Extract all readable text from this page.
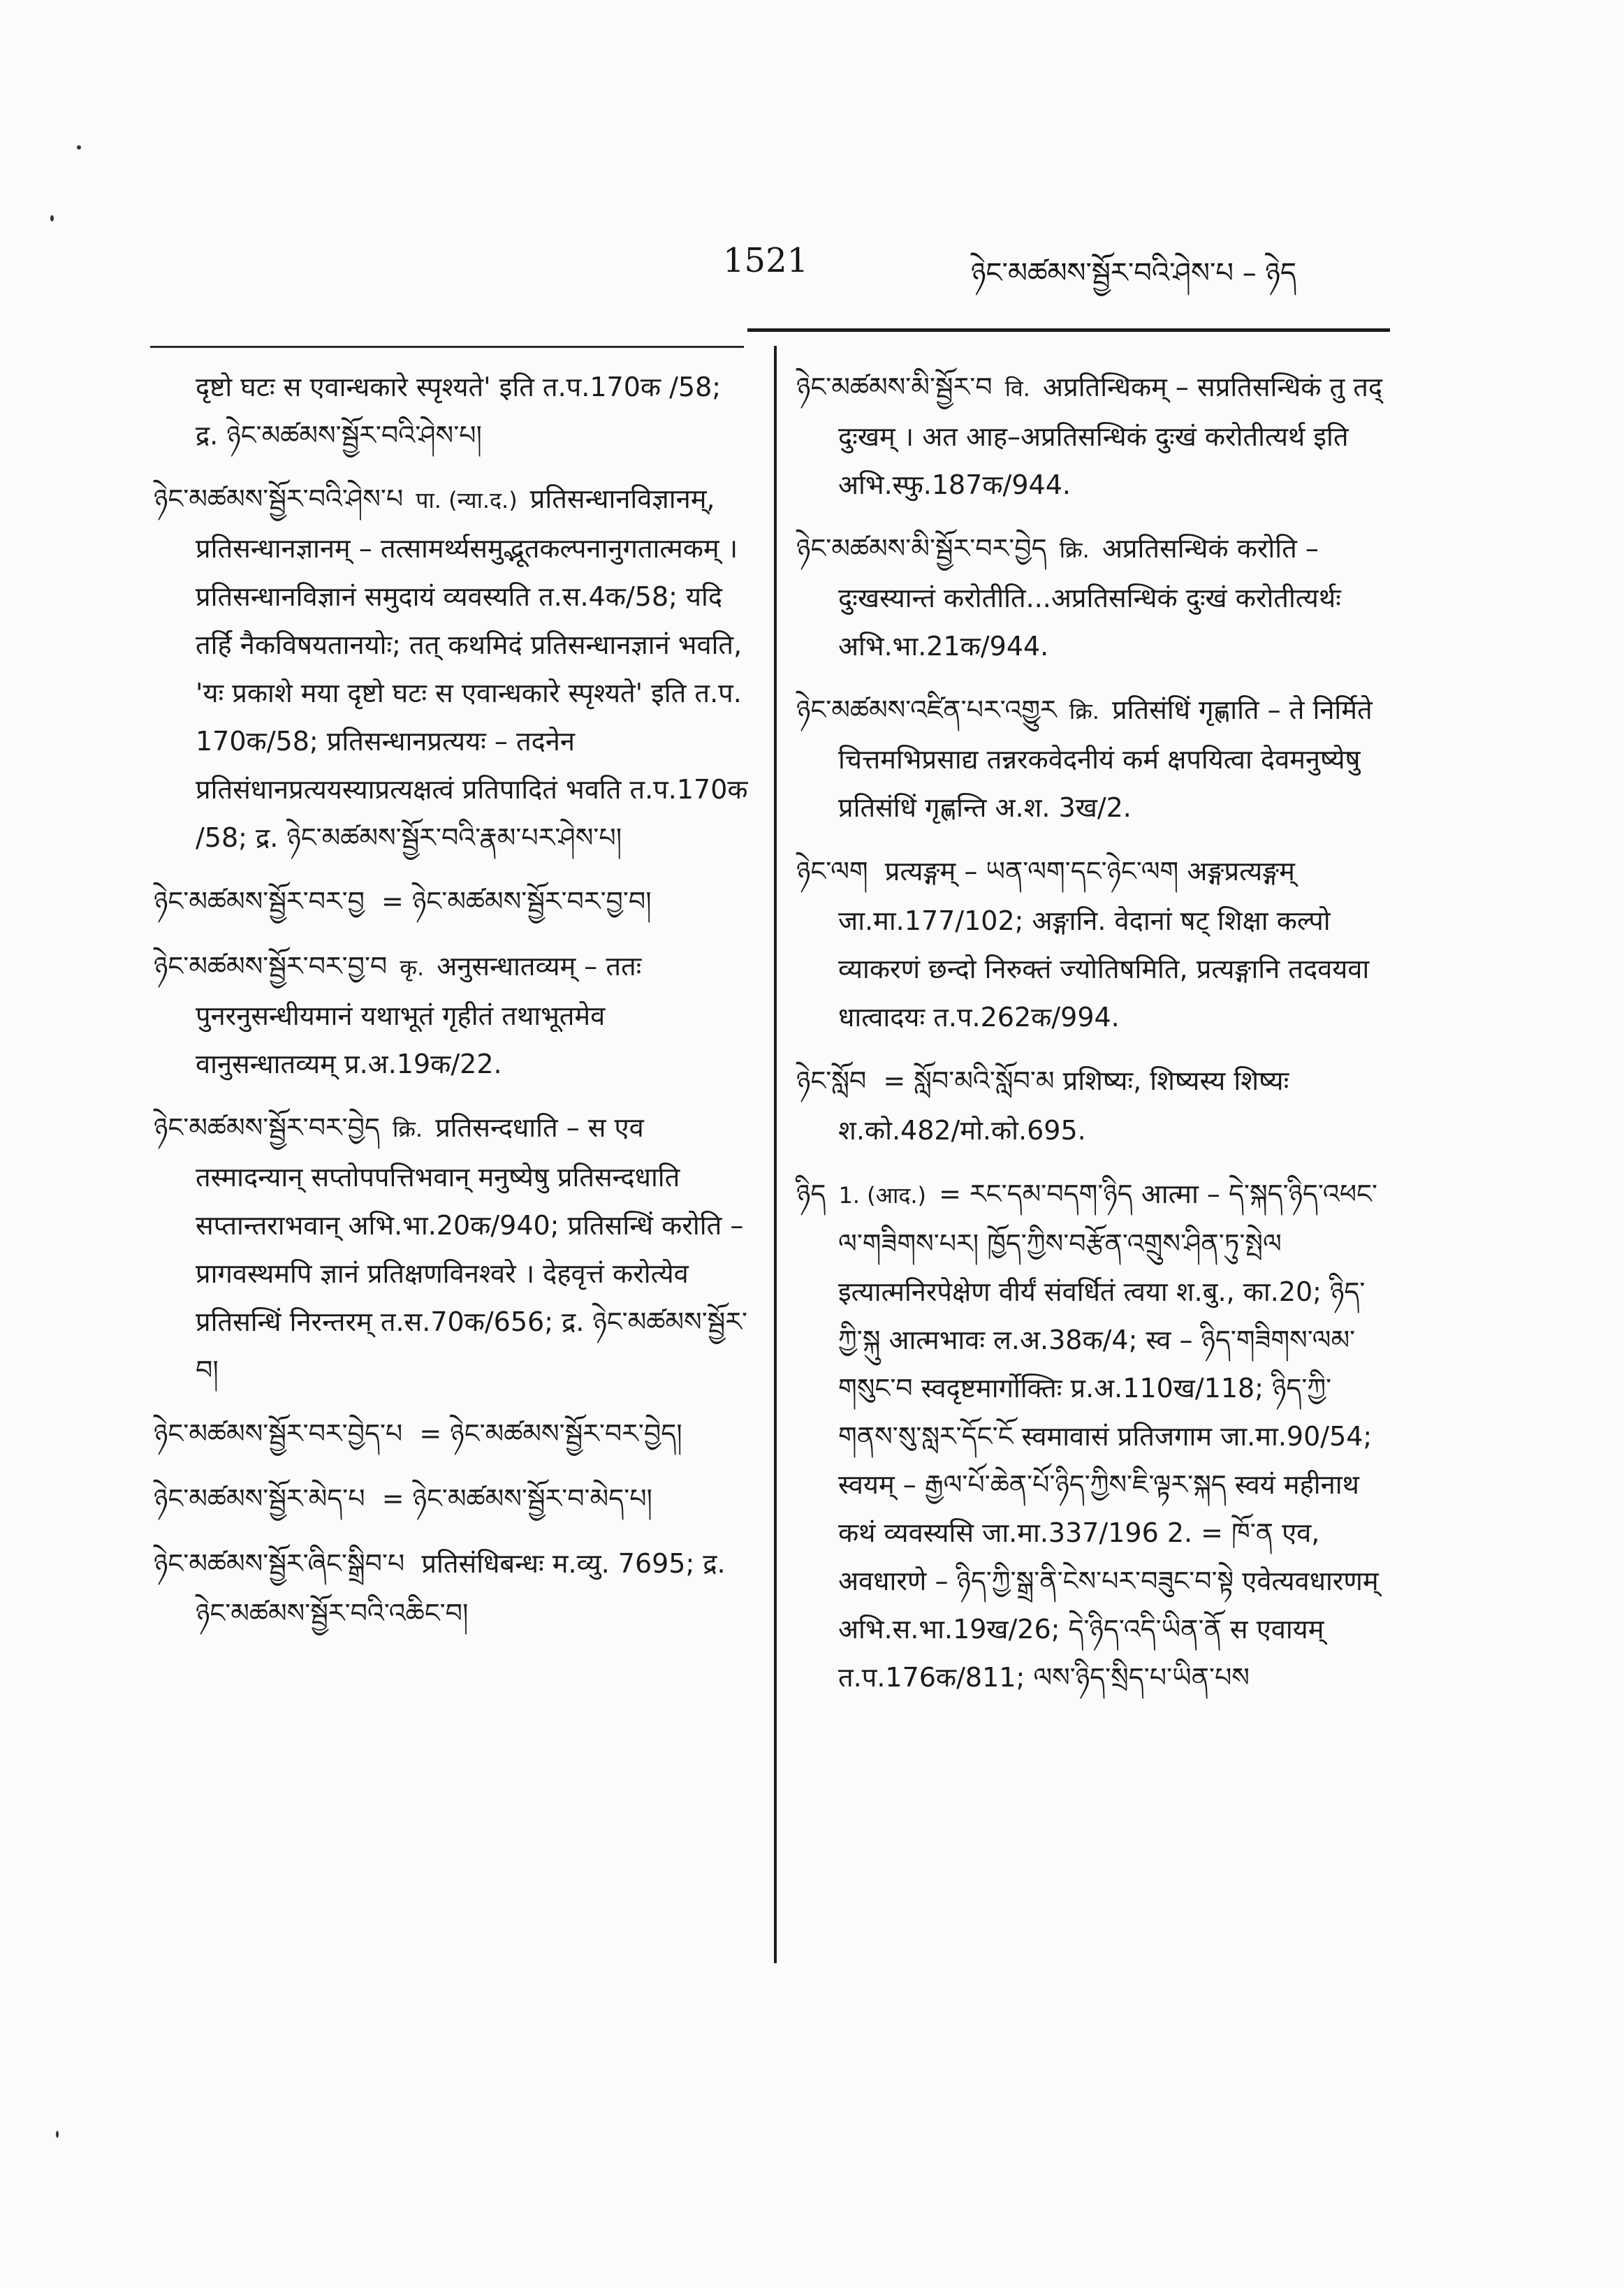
1521	ཉེང་མཚམས་སྦྱོར་བའི་ཤེས་པ – ཉེད

दृष्टो घटः स एवान्धकारे स्पृश्यते' इति त.प.170क /58; द्र. ཉེང་མཚམས་སྦྱོར་བའི་ཤེས་པ།

ཉེང་མཚམས་སྦྱོར་བའི་ཤེས་པ पा. (न्या.द.) प्रतिसन्धानविज्ञानम्, प्रतिसन्धानज्ञानम् – तत्सामर्थ्यसमुद्भूतकल्पनानुगतात्मकम् । प्रतिसन्धानविज्ञानं समुदायं व्यवस्यति त.स.4क/58; यदि तर्हि नैकविषयतानयोः; तत् कथमिदं प्रतिसन्धानज्ञानं भवति, 'यः प्रकाशे मया दृष्टो घटः स एवान्धकारे स्पृश्यते' इति त.प. 170क/58; प्रतिसन्धानप्रत्ययः – तदनेन प्रतिसंधानप्रत्ययस्याप्रत्यक्षत्वं प्रतिपादितं भवति त.प.170क /58; द्र. ཉེང་མཚམས་སྦྱོར་བའི་རྣམ་པར་ཤེས་པ།

ཉེང་མཚམས་སྦྱོར་བར་བྱ = ཉེང་མཚམས་སྦྱོར་བར་བྱ་བ།

ཉེང་མཚམས་སྦྱོར་བར་བྱ་བ कृ. अनुसन्धातव्यम् – ततः पुनरनुसन्धीयमानं यथाभूतं गृहीतं तथाभूतमेव वानुसन्धातव्यम् प्र.अ.19क/22.

ཉེང་མཚམས་སྦྱོར་བར་བྱེད क्रि. प्रतिसन्दधाति – स एव तस्मादन्यान् सप्तोपपत्तिभवान् मनुष्येषु प्रतिसन्दधाति सप्तान्तराभवान् अभि.भा.20क/940; प्रतिसन्धिं करोति – प्रागवस्थमपि ज्ञानं प्रतिक्षणविनश्वरे । देहवृत्तं करोत्येव प्रतिसन्धिं निरन्तरम् त.स.70क/656; द्र. ཉེང་མཚམས་སྦྱོར་བ།

ཉེང་མཚམས་སྦྱོར་བར་བྱེད་པ = ཉེང་མཚམས་སྦྱོར་བར་བྱེད།

ཉེང་མཚམས་སྦྱོར་མེད་པ = ཉེང་མཚམས་སྦྱོར་བ་མེད་པ།

ཉེང་མཚམས་སྦྱོར་ཞིང་སྒྲིབ་པ प्रतिसंधिबन्धः म.व्यु. 7695; द्र. ཉེང་མཚམས་སྦྱོར་བའི་འཆིང་བ།

ཉེང་མཚམས་མི་སྦྱོར་བ वि. अप्रतिन्धिकम् – सप्रतिसन्धिकं तु तद् दुःखम् । अत आह–अप्रतिसन्धिकं दुःखं करोतीत्यर्थ इति अभि.स्फु.187क/944.

ཉེང་མཚམས་མི་སྦྱོར་བར་བྱེད क्रि. अप्रतिसन्धिकं करोति – दुःखस्यान्तं करोतीति...अप्रतिसन्धिकं दुःखं करोतीत्यर्थः अभि.भा.21क/944.

ཉེང་མཚམས་འཛིན་པར་འགྱུར क्रि. प्रतिसंधिं गृह्णाति – ते निर्मिते चित्तमभिप्रसाद्य तन्नरकवेदनीयं कर्म क्षपयित्वा देवमनुष्येषु प्रतिसंधिं गृह्णन्ति अ.श. 3ख/2.

ཉེང་ལག प्रत्यङ्गम् – ཡན་ལག་དང་ཉེང་ལག अङ्गप्रत्यङ्गम् जा.मा.177/102; अङ्गानि. वेदानां षट् शिक्षा कल्पो व्याकरणं छन्दो निरुक्तं ज्योतिषमिति, प्रत्यङ्गानि तदवयवा धात्वादयः त.प.262क/994.

ཉེང་སློབ = སློབ་མའི་སློབ་མ प्रशिष्यः, शिष्यस्य शिष्यः श.को.482/मो.को.695.

ཉིད 1. (आद.) = རང་དམ་བདག་ཉིད आत्मा – དེ་སྐད་ཉིད་འཕང་ལ་གཟིགས་པར། ཁྱོད་ཀྱིས་བརྩོན་འགྲུས་ཤིན་ཏུ་སྤེལ इत्यात्मनिरपेक्षेण वीर्यं संवर्धितं त्वया श.बु., का.20; ཉིད་ཀྱི་སྐུ आत्मभावः ल.अ.38क/4; स्व – ཉིད་གཟིགས་ལམ་གསུང་བ स्वदृष्टमार्गोक्तिः प्र.अ.110ख/118; ཉིད་ཀྱི་གནས་སུ་སླར་དོང་ངོ स्वमावासं प्रतिजगाम जा.मा.90/54; स्वयम् – རྒྱལ་པོ་ཆེན་པོ་ཉིད་ཀྱིས་ཇི་ལྟར་སྐད स्वयं महीनाथ कथं व्यवस्यसि जा.मा.337/196 2. = ཁོ་ན एव, अवधारणे – ཉིད་ཀྱི་སྒྲ་ནི་ངེས་པར་བཟུང་བ་སྟེ एवेत्यवधारणम् अभि.स.भा.19ख/26; དེ་ཉིད་འདི་ཡིན་ནོ स एवायम् त.प.176क/811; ལས་ཉིད་སྲིད་པ་ཡིན་པས
